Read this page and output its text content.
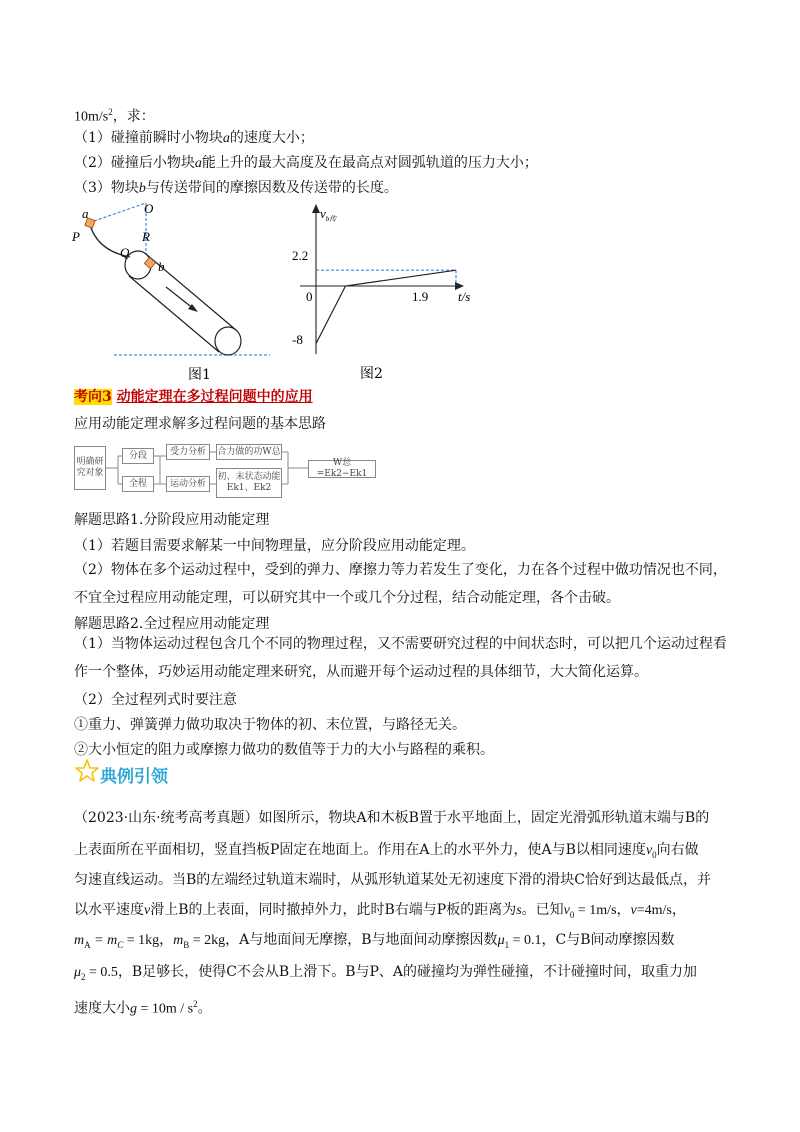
$10m/s^2$，求：
（1）碰撞前瞬时小物块a的速度大小；
（2）碰撞后小物块a能上升的最大高度及在最高点对圆弧轨道的压力大小；
（3）物块b与传送带间的摩擦因数及传送带的长度。
a	O
P	R
Q
b
图1
$v_{b传}$
2.2
-8
0	1.9 t/s
图2
考向3 动能定理在多过程问题中的应用
应用动能定理求解多过程问题的基本思路
明确研究对象
分段
全程
受力分析	合力做的功W总
运动分析
初、末状态动能Ek1、Ek2
W总=Ek2−Ek1
解题思路1.分阶段应用动能定理
（1）若题目需要求解某一中间物理量，应分阶段应用动能定理。
（2）物体在多个运动过程中，受到的弹力、摩擦力等力若发生了变化，力在各个过程中做功情况也不同，不宜全过程应用动能定理，可以研究其中一个或几个分过程，结合动能定理，各个击破。
解题思路2.全过程应用动能定理
（1）当物体运动过程包含几个不同的物理过程，又不需要研究过程的中间状态时，可以把几个运动过程看作一个整体，巧妙运用动能定理来研究，从而避开每个运动过程的具体细节，大大简化运算。
（2）全过程列式时要注意
①重力、弹簧弹力做功取决于物体的初、末位置，与路径无关。
②大小恒定的阻力或摩擦力做功的数值等于力的大小与路程的乘积。
典例引领
（2023·山东·统考高考真题）如图所示，物块A和木板B置于水平地面上，固定光滑弧形轨道末端与B的
上表面所在平面相切，竖直挡板P固定在地面上。作用在A上的水平外力，使A与B以相同速度$v_0$向右做
匀速直线运动。当B的左端经过轨道末端时，从弧形轨道某处无初速度下滑的滑块C恰好到达最低点，并
以水平速度v滑上B的上表面，同时撤掉外力，此时B右端与P板的距离为s。已知$v_0 = 1m/s$，v=4m/s，
$m_A = m_C = 1kg$，$m_B = 2kg$，A与地面间无摩擦，B与地面间动摩擦因数$\mu_1 = 0.1$，C与B间动摩擦因数
$\mu_2 = 0.5$，B足够长，使得C不会从B上滑下。B与P、A的碰撞均为弹性碰撞，不计碰撞时间，取重力加
速度大小$g = 10m / s^2$。
